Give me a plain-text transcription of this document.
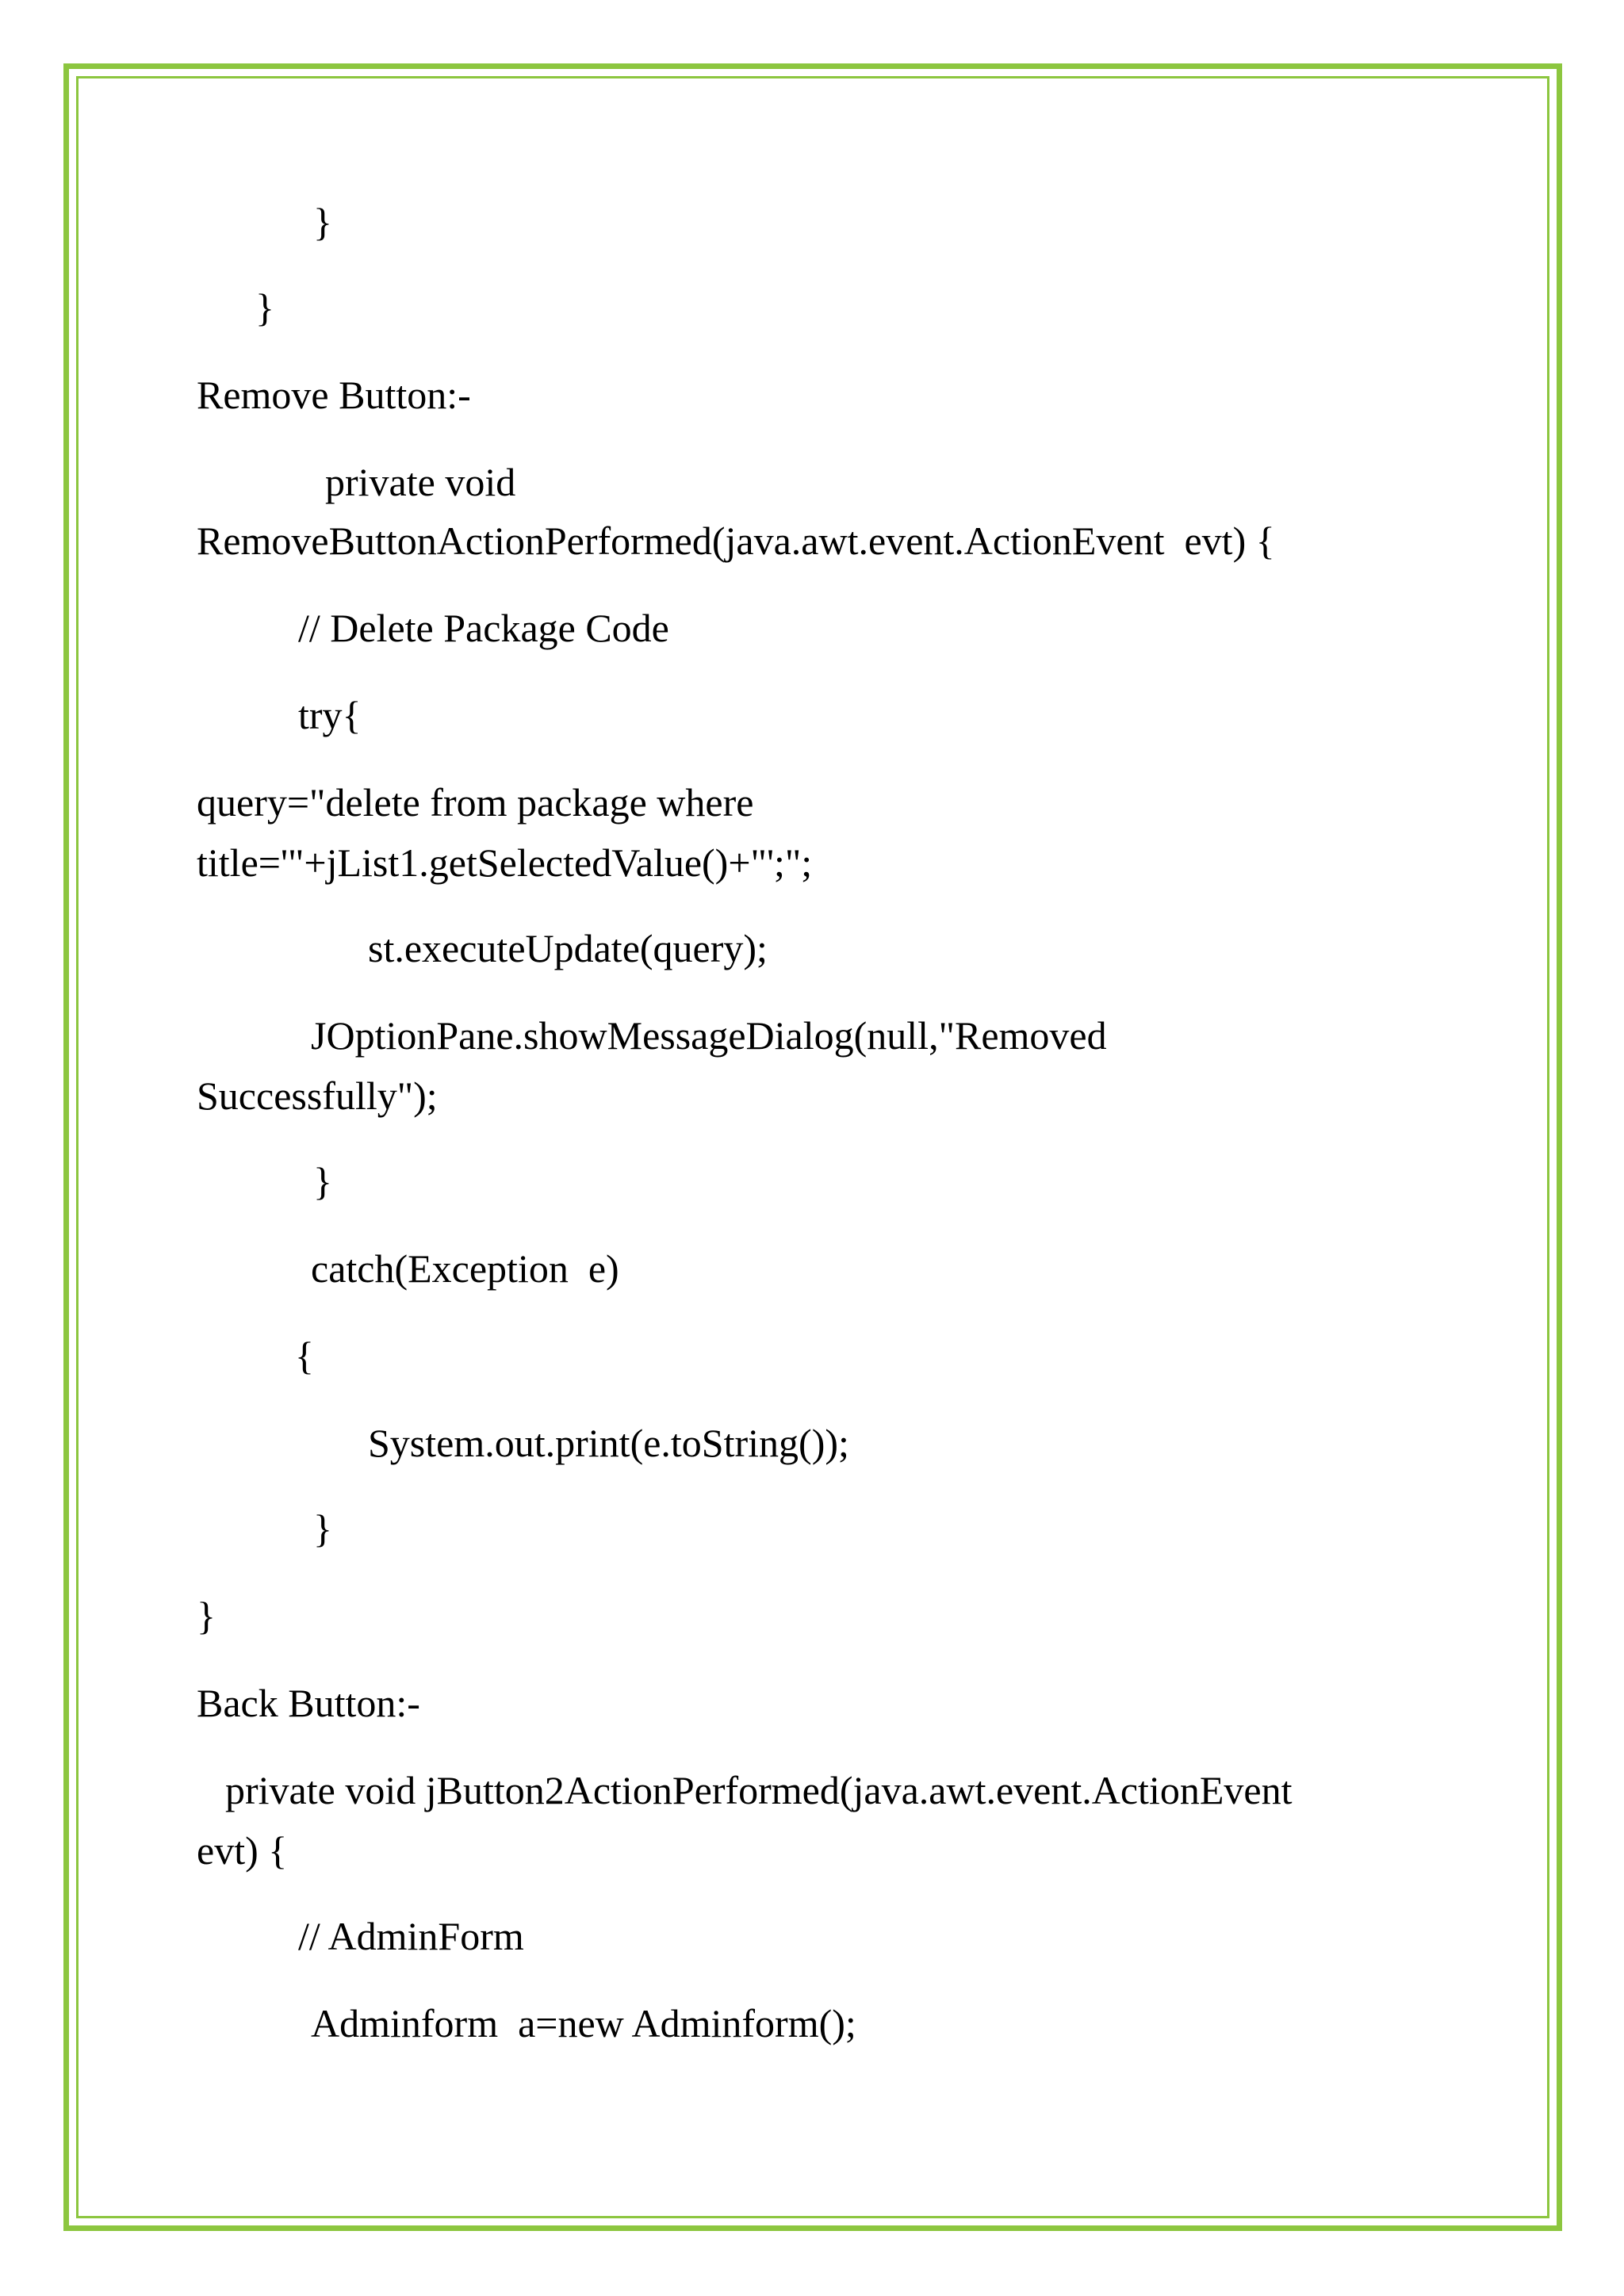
}
}
Remove Button:-
private void
RemoveButtonActionPerformed(java.awt.event.ActionEvent  evt) {
// Delete Package Code
try{
query="delete from package where
title='"+jList1.getSelectedValue()+"';";
st.executeUpdate(query);
JOptionPane.showMessageDialog(null,"Removed
Successfully");
}
catch(Exception  e)
{
System.out.print(e.toString());
}
}
Back Button:-
private void jButton2ActionPerformed(java.awt.event.ActionEvent
evt) {
// AdminForm
Adminform  a=new Adminform();
